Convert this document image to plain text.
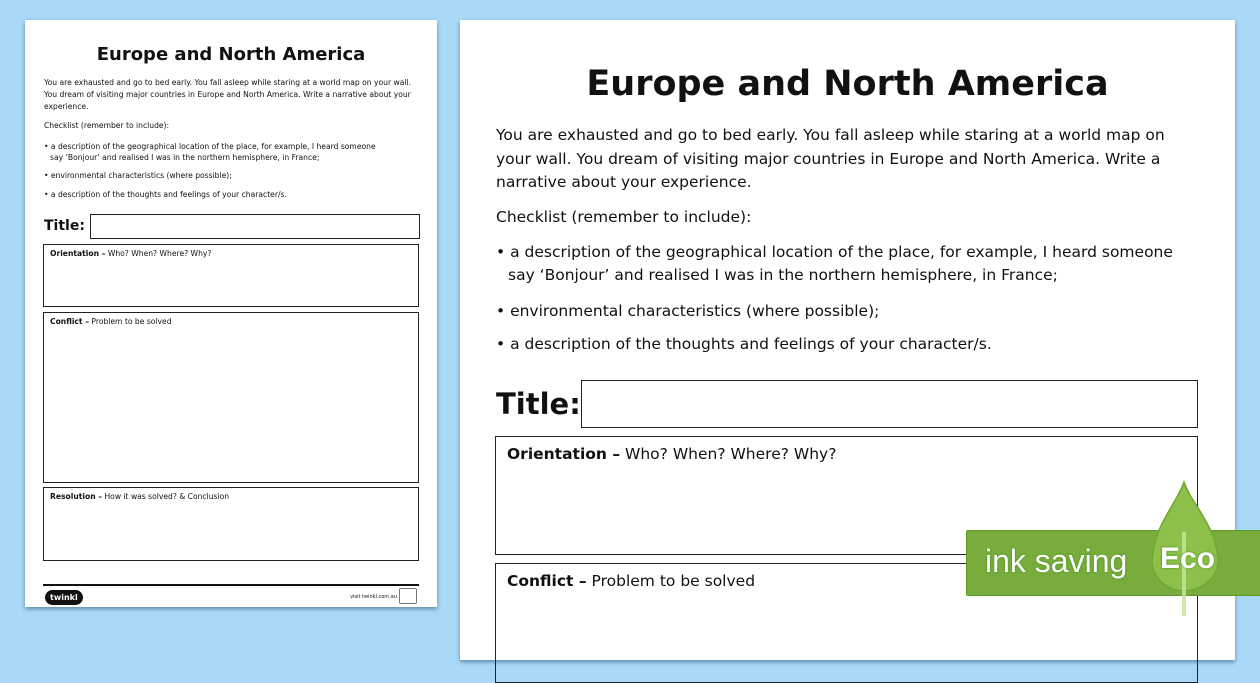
Europe and North America
You are exhausted and go to bed early. You fall asleep while staring at a world map on your wall. You dream of visiting major countries in Europe and North America. Write a narrative about your experience.
Checklist (remember to include):
• a description of the geographical location of the place, for example, I heard someone
say ‘Bonjour’ and realised I was in the northern hemisphere, in France;
• environmental characteristics (where possible);
• a description of the thoughts and feelings of your character/s.
Title:
Orientation – Who? When? Where? Why?
Conflict – Problem to be solved
Resolution – How it was solved? & Conclusion
twinkl	visit twinkl.com.au
Europe and North America
You are exhausted and go to bed early. You fall asleep while staring at a world map on your wall. You dream of visiting major countries in Europe and North America. Write a narrative about your experience.
Checklist (remember to include):
• a description of the geographical location of the place, for example, I heard someone
say ‘Bonjour’ and realised I was in the northern hemisphere, in France;
• environmental characteristics (where possible);
• a description of the thoughts and feelings of your character/s.
Title:
Orientation – Who? When? Where? Why?
Conflict – Problem to be solved
ink saving Eco
